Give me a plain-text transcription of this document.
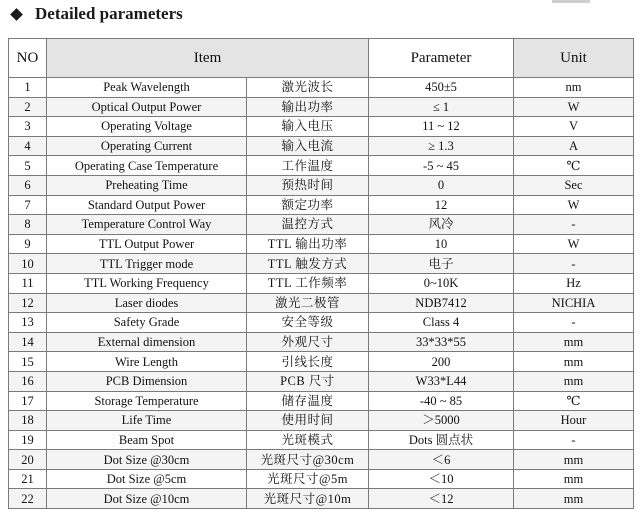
Detailed parameters
NO	Item		Parameter	Unit
1	Peak Wavelength	激光波长	450±5	nm
2	Optical Output Power	输出功率	≤ 1	W
3	Operating Voltage	输入电压	11 ~ 12	V
4	Operating Current	输入电流	≥ 1.3	A
5	Operating Case Temperature	工作温度	-5 ~ 45	℃
6	Preheating Time	预热时间	0	Sec
7	Standard Output Power	额定功率	12	W
8	Temperature Control Way	温控方式	风冷	-
9	TTL Output Power	TTL 输出功率	10	W
10	TTL Trigger mode	TTL 触发方式	电子	-
11	TTL Working Frequency	TTL 工作频率	0~10K	Hz
12	Laser diodes	激光二极管	NDB7412	NICHIA
13	Safety Grade	安全等级	Class 4	-
14	External dimension	外观尺寸	33*33*55	mm
15	Wire Length	引线长度	200	mm
16	PCB Dimension	PCB 尺寸	W33*L44	mm
17	Storage Temperature	储存温度	-40 ~ 85	℃
18	Life Time	使用时间	＞5000	Hour
19	Beam Spot	光斑模式	Dots 圆点状	-
20	Dot Size @30cm	光斑尺寸@30cm	＜6	mm
21	Dot Size @5cm	光斑尺寸@5m	＜10	mm
22	Dot Size @10cm	光斑尺寸@10m	＜12	mm
